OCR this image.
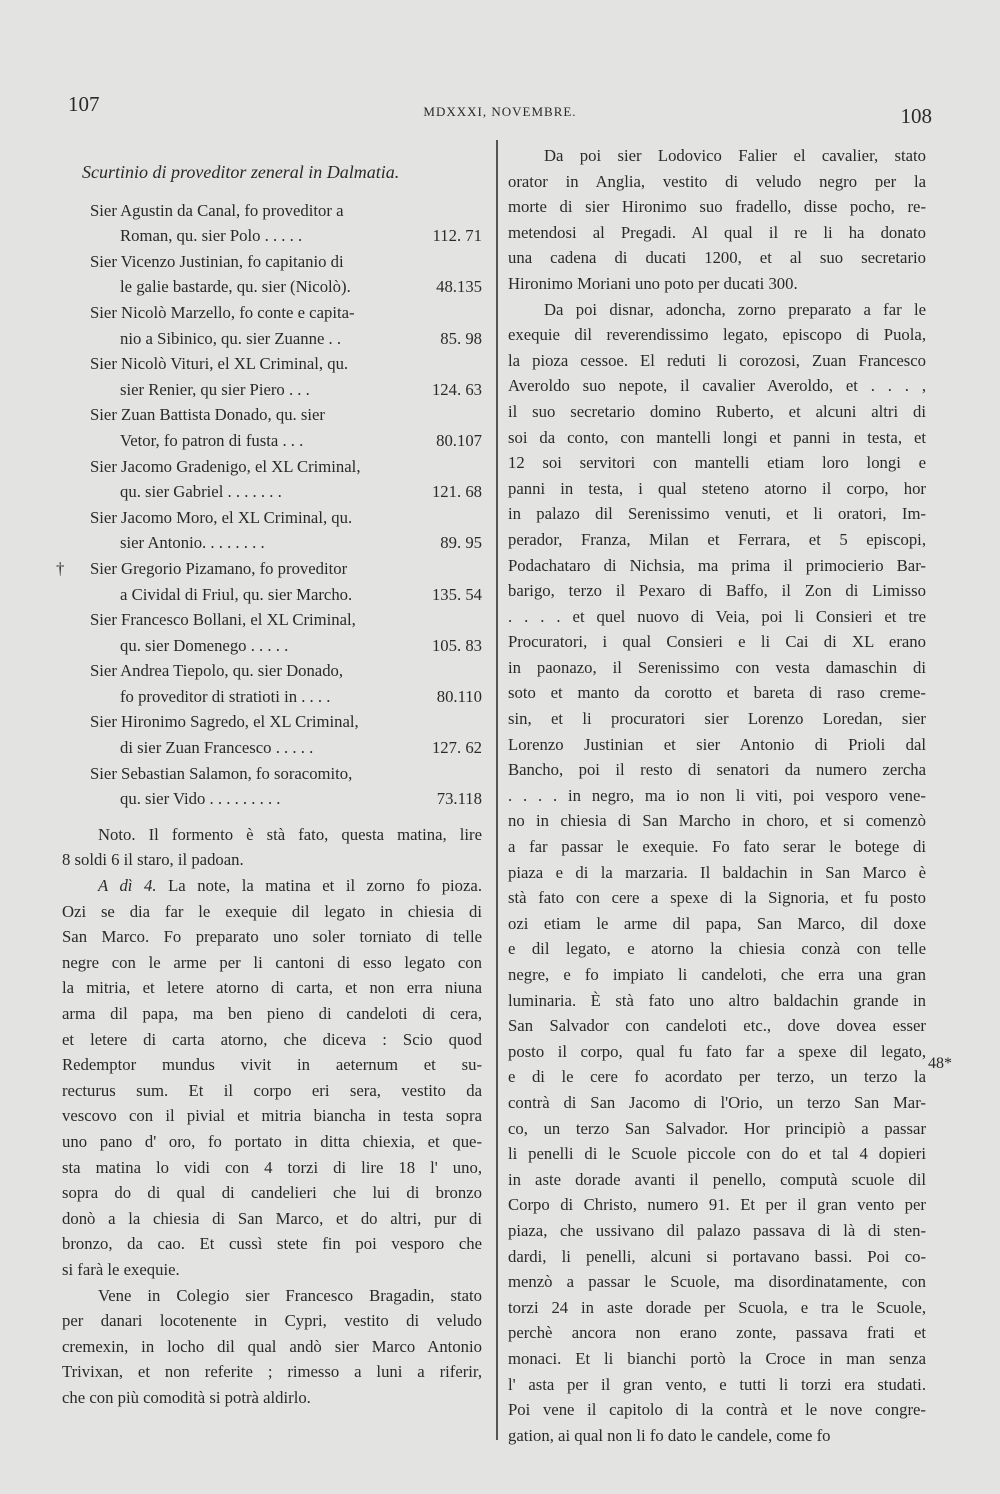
107	MDXXXI, NOVEMBRE.	108
Scurtinio di proveditor zeneral in Dalmatia.
Sier Agustin da Canal, fo proveditor a
Roman, qu. sier Polo . . . . .	112. 71
Sier Vicenzo Justinian, fo capitanio di
le galie bastarde, qu. sier (Nicolò).	48.135
Sier Nicolò Marzello, fo conte e capita-
nio a Sibinico, qu. sier Zuanne . .	85. 98
Sier Nicolò Vituri, el XL Criminal, qu.
sier Renier, qu sier Piero . . .	124. 63
Sier Zuan Battista Donado, qu. sier
Vetor, fo patron di fusta . . .	80.107
Sier Jacomo Gradenigo, el XL Criminal,
qu. sier Gabriel . . . . . . .	121. 68
Sier Jacomo Moro, el XL Criminal, qu.
sier Antonio. . . . . . . .	89. 95
†	Sier Gregorio Pizamano, fo proveditor
a Cividal di Friul, qu. sier Marcho.	135. 54
Sier Francesco Bollani, el XL Criminal,
qu. sier Domenego . . . . .	105. 83
Sier Andrea Tiepolo, qu. sier Donado,
fo proveditor di stratioti in . . . .	80.110
Sier Hironimo Sagredo, el XL Criminal,
di sier Zuan Francesco . . . . .	127. 62
Sier Sebastian Salamon, fo soracomito,
qu. sier Vido . . . . . . . . .	73.118
Noto. Il formento è stà fato, questa matina, lire
8 soldi 6 il staro, il padoan.
A dì 4. La note, la matina et il zorno fo pioza.
Ozi se dia far le exequie dil legato in chiesia di
San Marco. Fo preparato uno soler torniato di telle
negre con le arme per li cantoni di esso legato con
la mitria, et letere atorno di carta, et non erra niuna
arma dil papa, ma ben pieno di candeloti di cera,
et letere di carta atorno, che diceva : Scio quod
Redemptor mundus vivit in aeternum et su-
recturus sum. Et il corpo eri sera, vestito da
vescovo con il pivial et mitria biancha in testa sopra
uno pano d' oro, fo portato in ditta chiexia, et que-
sta matina lo vidi con 4 torzi di lire 18 l' uno,
sopra do di qual di candelieri che lui di bronzo
donò a la chiesia di San Marco, et do altri, pur di
bronzo, da cao. Et cussì stete fin poi vesporo che
si farà le exequie.
Vene in Colegio sier Francesco Bragadin, stato
per danari locotenente in Cypri, vestito di veludo
cremexin, in locho dil qual andò sier Marco Antonio
Trivixan, et non referite ; rimesso a luni a riferir,
che con più comodità si potrà aldirlo.
Da poi sier Lodovico Falier el cavalier, stato
orator in Anglia, vestito di veludo negro per la
morte di sier Hironimo suo fradello, disse pocho, re-
metendosi al Pregadi. Al qual il re li ha donato
una cadena di ducati 1200, et al suo secretario
Hironimo Moriani uno poto per ducati 300.
Da poi disnar, adoncha, zorno preparato a far le
exequie dil reverendissimo legato, episcopo di Puola,
la pioza cessoe. El reduti li corozosi, Zuan Francesco
Averoldo suo nepote, il cavalier Averoldo, et . . . ,
il suo secretario domino Ruberto, et alcuni altri di
soi da conto, con mantelli longi et panni in testa, et
12 soi servitori con mantelli etiam loro longi e
panni in testa, i qual steteno atorno il corpo, hor
in palazo dil Serenissimo venuti, et li oratori, Im-
perador, Franza, Milan et Ferrara, et 5 episcopi,
Podachataro di Nichsia, ma prima il primocierio Bar-
barigo, terzo il Pexaro di Baffo, il Zon di Limisso
. . . . et quel nuovo di Veia, poi li Consieri et tre
Procuratori, i qual Consieri e li Cai di XL erano
in paonazo, il Serenissimo con vesta damaschin di
soto et manto da corotto et bareta di raso creme-
sin, et li procuratori sier Lorenzo Loredan, sier
Lorenzo Justinian et sier Antonio di Prioli dal
Bancho, poi il resto di senatori da numero zercha
. . . . in negro, ma io non li viti, poi vesporo vene-
no in chiesia di San Marcho in choro, et si comenzò
a far passar le exequie. Fo fato serar le botege di
piaza e di la marzaria. Il baldachin in San Marco è
stà fato con cere a spexe di la Signoria, et fu posto
ozi etiam le arme dil papa, San Marco, dil doxe
e dil legato, e atorno la chiesia conzà con telle
negre, e fo impiato li candeloti, che erra una gran
luminaria. È stà fato uno altro baldachin grande in
San Salvador con candeloti etc., dove dovea esser
posto il corpo, qual fu fato far a spexe dil legato,
e di le cere fo acordato per terzo, un terzo la
contrà di San Jacomo di l'Orio, un terzo San Mar-
co, un terzo San Salvador. Hor principiò a passar
li penelli di le Scuole piccole con do et tal 4 dopieri
in aste dorade avanti il penello, computà scuole dil
Corpo di Christo, numero 91. Et per il gran vento per
piaza, che ussivano dil palazo passava di là di sten-
dardi, li penelli, alcuni si portavano bassi. Poi co-
menzò a passar le Scuole, ma disordinatamente, con
torzi 24 in aste dorade per Scuola, e tra le Scuole,
perchè ancora non erano zonte, passava frati et
monaci. Et li bianchi portò la Croce in man senza
l' asta per il gran vento, e tutti li torzi era studati.
Poi vene il capitolo di la contrà et le nove congre-
gation, ai qual non li fo dato le candele, come fo
48*
